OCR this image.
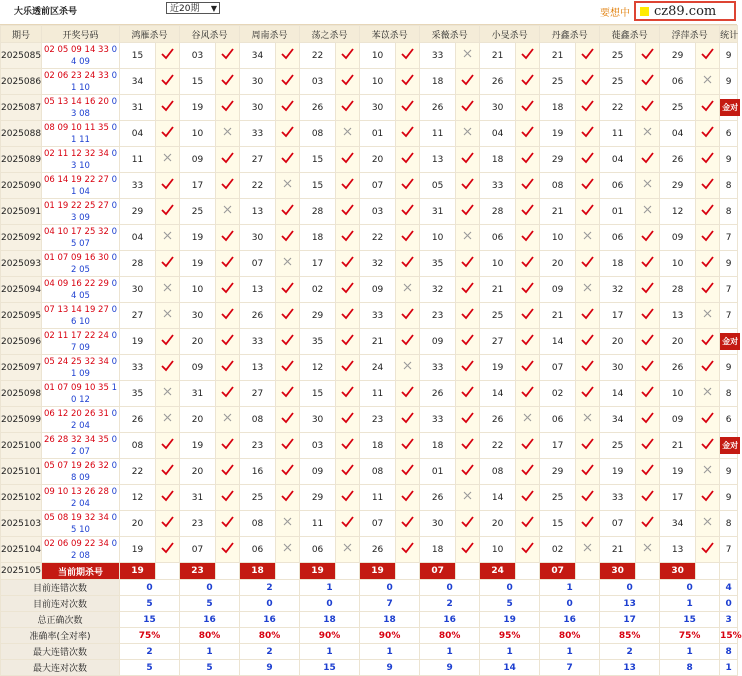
大乐透前区杀号	近20期 ▼	要想中 cz89.com
期号	开奖号码	鸿雁杀号		谷风杀号		周南杀号		荡之杀号		苯苡杀号		采薇杀号		小旻杀号		丹鑫杀号		蓰鑫杀号		浮萍杀号		统计
2025085	02 05 09 14 33 04 09	15		03		34		22		10		33		21		21		25		29		9
2025086	02 06 23 24 33 01 10	34		15		30		03		10		18		26		25		25		06		9
2025087	05 13 14 16 20 03 08	31		19		30		26		30		26		30		18		22		25		金对
2025088	08 09 10 11 35 01 11	04		10		33		08		01		11		04		19		11		04		6
2025089	02 11 12 32 34 03 10	11		09		27		15		20		13		18		29		04		26		9
2025090	06 14 19 22 27 01 04	33		17		22		15		07		05		33		08		06		29		8
2025091	01 19 22 25 27 03 09	29		25		13		28		03		31		28		21		01		12		8
2025092	04 10 17 25 32 05 07	04		19		30		18		22		10		06		10		06		09		7
2025093	01 07 09 16 30 02 05	28		19		07		17		32		35		10		20		18		10		9
2025094	04 09 16 22 29 04 05	30		10		13		02		09		32		21		09		32		28		7
2025095	07 13 14 19 27 06 10	27		30		26		29		33		23		25		21		17		13		7
2025096	02 11 17 22 24 07 09	19		20		33		35		21		09		27		14		20		20		金对
2025097	05 24 25 32 34 01 09	33		09		13		12		24		33		19		07		30		26		9
2025098	01 07 09 10 35 10 12	35		31		27		15		11		26		14		02		14		10		8
2025099	06 12 20 26 31 02 04	26		20		08		30		23		33		26		06		34		09		6
2025100	26 28 32 34 35 02 07	08		19		23		03		18		18		22		17		25		21		金对
2025101	05 07 19 26 32 08 09	22		20		16		09		08		01		08		29		19		19		9
2025102	09 10 13 26 28 02 04	12		31		25		29		11		26		14		25		33		17		9
2025103	05 08 19 32 34 05 10	20		23		08		11		07		30		20		15		07		34		8
2025104	02 06 09 22 34 02 08	19		07		06		06		26		18		10		02		21		13		7
2025105	当前期杀号	19		23		18		19		19		07		24		07		30		30		
目前连错次数		0		0		2		1		0		0		0		1		0		0		4
目前连对次数		5		5		0		0		7		2		5		0		13		1		0
总正确次数		15		16		16		18		18		16		19		16		17		15		3
准确率(全对率)		75%		80%		80%		90%		90%		80%		95%		80%		85%		75%		15%
最大连错次数		2		1		2		1		1		1		1		1		2		1		8
最大连对次数		5		5		9		15		9		9		14		7		13		8		1
